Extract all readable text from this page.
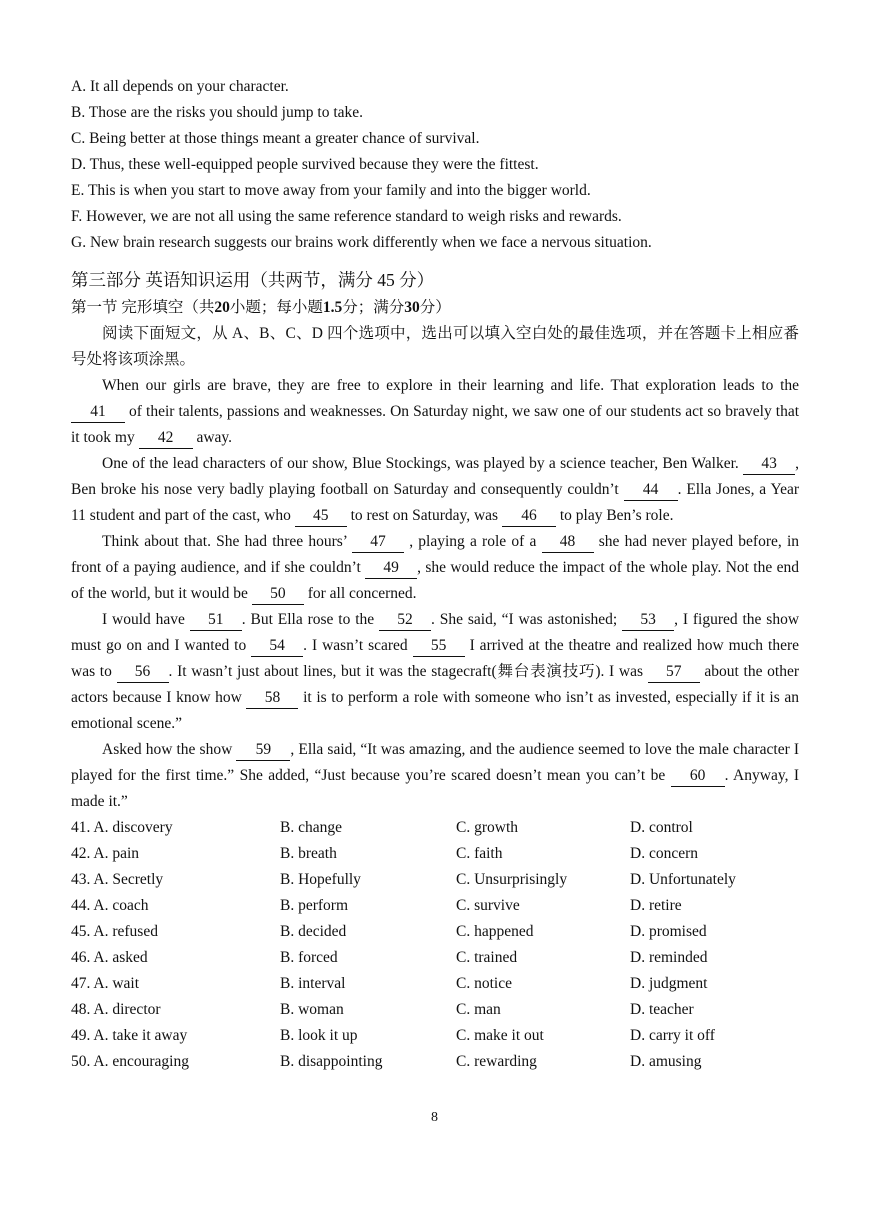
A. It all depends on your character.
B. Those are the risks you should jump to take.
C. Being better at those things meant a greater chance of survival.
D. Thus, these well-equipped people survived because they were the fittest.
E. This is when you start to move away from your family and into the bigger world.
F. However, we are not all using the same reference standard to weigh risks and rewards.
G. New brain research suggests our brains work differently when we face a nervous situation.
第三部分 英语知识运用（共两节，满分 45 分）
第一节 完形填空（共20小题；每小题1.5分；满分30分）

阅读下面短文，从 A、B、C、D 四个选项中，选出可以填入空白处的最佳选项，并在答题卡上相应番号处将该项涂黑。

When our girls are brave, they are free to explore in their learning and life. That exploration leads to the 41 of their talents, passions and weaknesses. On Saturday night, we saw one of our students act so bravely that it took my 42 away.

One of the lead characters of our show, Blue Stockings, was played by a science teacher, Ben Walker. 43 , Ben broke his nose very badly playing football on Saturday and consequently couldn’t 44 . Ella Jones, a Year 11 student and part of the cast, who 45 to rest on Saturday, was 46 to play Ben’s role.

Think about that. She had three hours’ 47 , playing a role of a 48 she had never played before, in front of a paying audience, and if she couldn’t 49 , she would reduce the impact of the whole play. Not the end of the world, but it would be 50 for all concerned.

I would have 51 . But Ella rose to the 52 . She said, “I was astonished; 53 , I figured the show must go on and I wanted to 54 . I wasn’t scared 55 I arrived at the theatre and realized how much there was to 56 . It wasn’t just about lines, but it was the stagecraft(舞台表演技巧). I was 57 about the other actors because I know how 58 it is to perform a role with someone who isn’t as invested, especially if it is an emotional scene.”

Asked how the show 59 , Ella said, “It was amazing, and the audience seemed to love the male character I played for the first time.” She added, “Just because you’re scared doesn’t mean you can’t be 60 . Anyway, I made it.”

41. A. discovery	B. change	C. growth	D. control
42. A. pain	B. breath	C. faith	D. concern
43. A. Secretly	B. Hopefully	C. Unsurprisingly	D. Unfortunately
44. A. coach	B. perform	C. survive	D. retire
45. A. refused	B. decided	C. happened	D. promised
46. A. asked	B. forced	C. trained	D. reminded
47. A. wait	B. interval	C. notice	D. judgment
48. A. director	B. woman	C. man	D. teacher
49. A. take it away	B. look it up	C. make it out	D. carry it off
50. A. encouraging	B. disappointing	C. rewarding	D. amusing
8
